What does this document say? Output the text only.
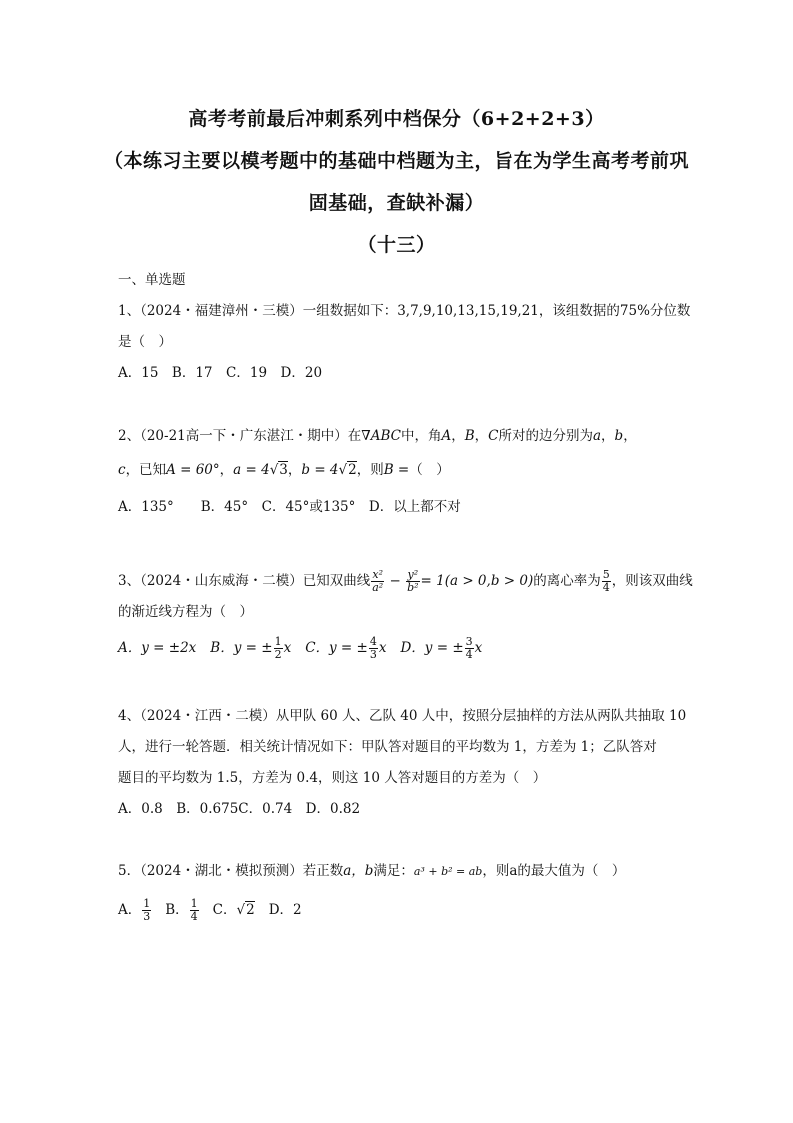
高考考前最后冲刺系列中档保分（6+2+2+3）
（本练习主要以模考题中的基础中档题为主，旨在为学生高考考前巩
固基础，查缺补漏）
（十三）
一、单选题
1、（2024・福建漳州・三模）一组数据如下：3,7,9,10,13,15,19,21，该组数据的75%分位数
是（　）
A．15　B．17　C．19　D．20
2、（20-21高一下・广东湛江・期中）在∇ABC中，角A，B，C所对的边分别为a，b，
c，已知A = 60°，a = 4√3，b = 4√2，则B =（　）
A．135°　　B．45°　C．45°或135°　D．以上都不对
3、（2024・山东威海・二模）已知双曲线 $\frac{\text{x²}}{\text{a²}} - \frac{\text{y²}}{\text{b²}} = 1(a > 0,b > 0)$的离心率为 $\frac{5}{4}$ ，则该双曲线
的渐近线方程为（　）
A．y = ±2x B．y = ± $\frac{1}{2}$ x C．y = ± $\frac{4}{3}$ x D．y = ± $\frac{3}{4}$ x
4、（2024・江西・二模）从甲队 60 人、乙队 40 人中，按照分层抽样的方法从两队共抽取 10
人，进行一轮答题．相关统计情况如下：甲队答对题目的平均数为 1，方差为 1；乙队答对
题目的平均数为 1.5，方差为 0.4，则这 10 人答对题目的方差为（　）
A．0.8　B．0.675C．0.74　D．0.82
5．（2024・湖北・模拟预测）若正数a，b满足：a³ + b² = ab，则a的最大值为（　）
A． $\frac{1}{3}$ B． $\frac{1}{4}$ C．√2 D．2
